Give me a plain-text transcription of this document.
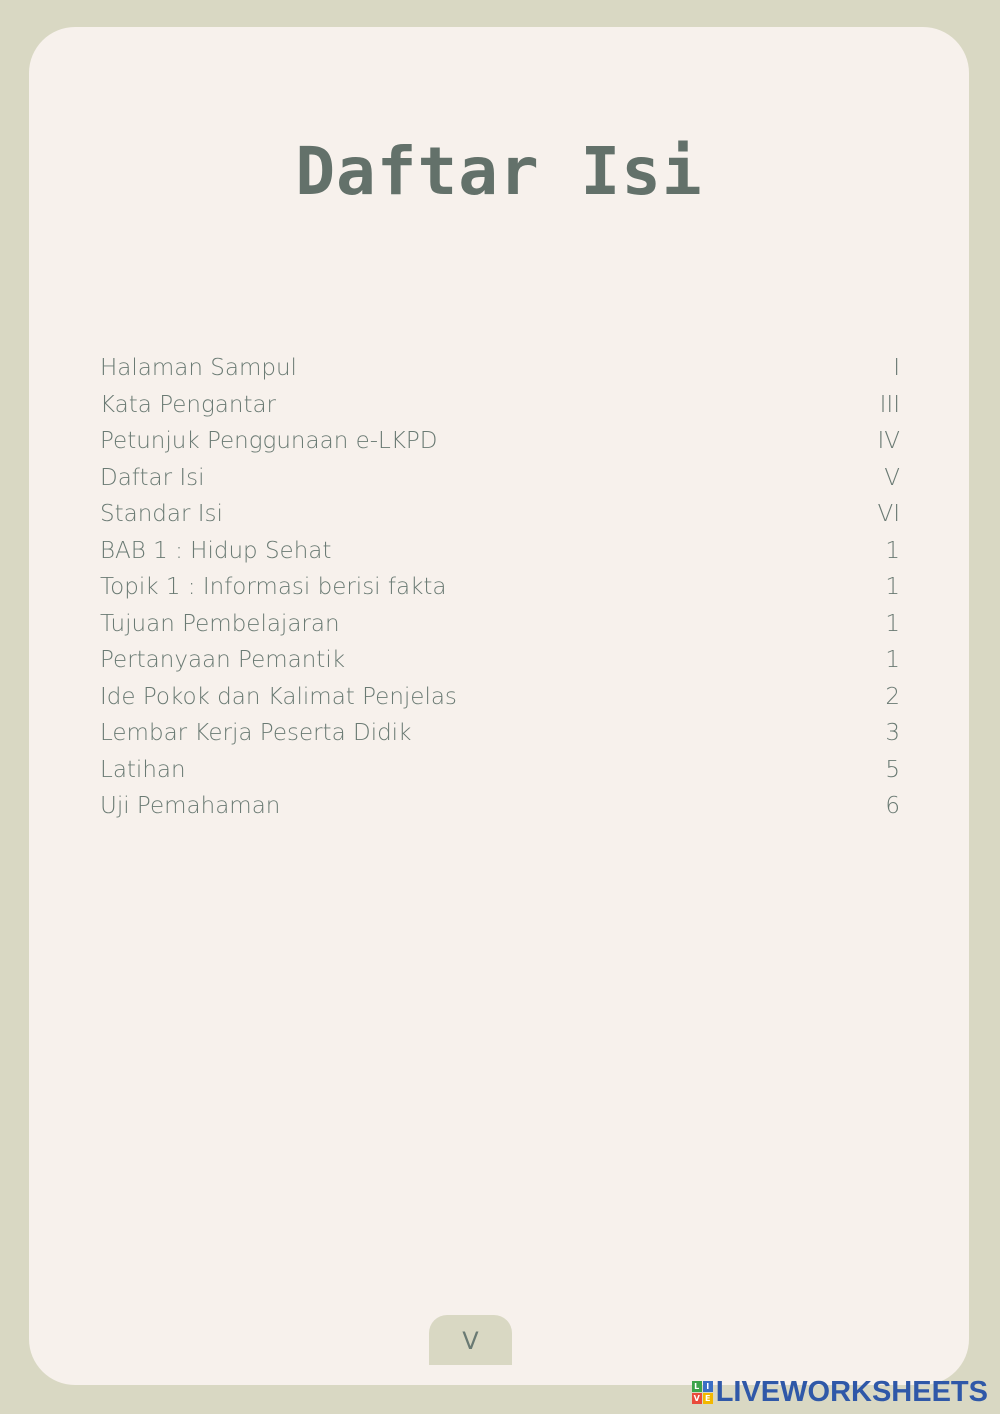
Daftar Isi
Halaman Sampul	I
Kata Pengantar	III
Petunjuk Penggunaan e-LKPD	IV
Daftar Isi	V
Standar Isi	VI
BAB 1 : Hidup Sehat	1
Topik 1 : Informasi berisi fakta	1
Tujuan Pembelajaran	1
Pertanyaan Pemantik	1
Ide Pokok dan Kalimat Penjelas	2
Lembar Kerja Peserta Didik	3
Latihan	5
Uji Pemahaman	6
V
L I
V E LIVEWORKSHEETS
